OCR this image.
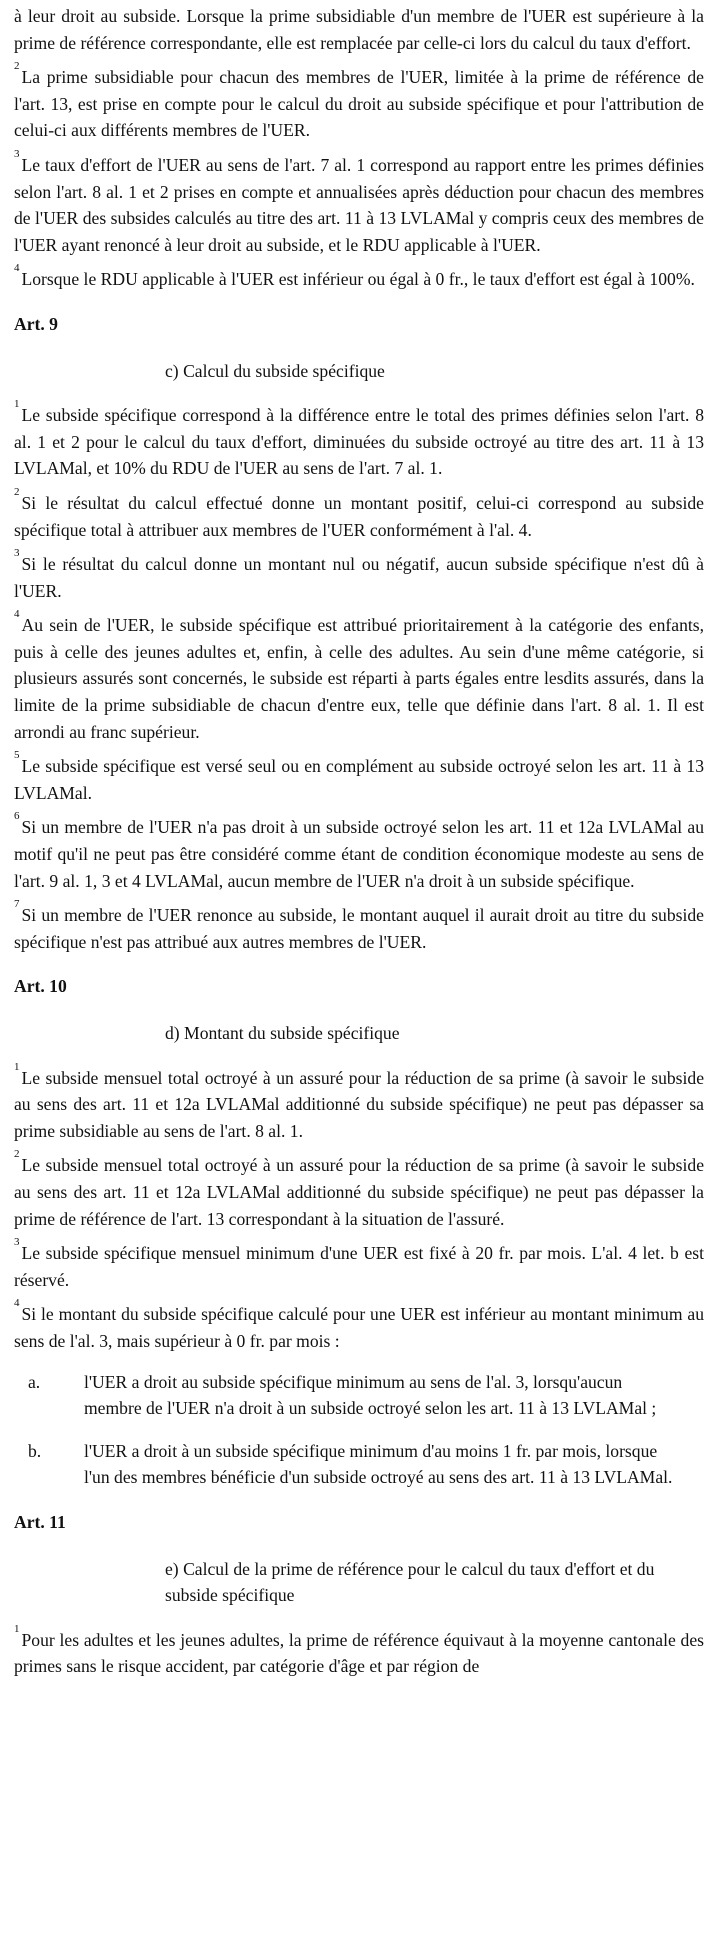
à leur droit au subside. Lorsque la prime subsidiable d'un membre de l'UER est supérieure à la prime de référence correspondante, elle est remplacée par celle-ci lors du calcul du taux d'effort.

$^2$La prime subsidiable pour chacun des membres de l'UER, limitée à la prime de référence de l'art. 13, est prise en compte pour le calcul du droit au subside spécifique et pour l'attribution de celui-ci aux différents membres de l'UER.

$^3$Le taux d'effort de l'UER au sens de l'art. 7 al. 1 correspond au rapport entre les primes définies selon l'art. 8 al. 1 et 2 prises en compte et annualisées après déduction pour chacun des membres de l'UER des subsides calculés au titre des art. 11 à 13 LVLAMal y compris ceux des membres de l'UER ayant renoncé à leur droit au subside, et le RDU applicable à l'UER.

$^4$Lorsque le RDU applicable à l'UER est inférieur ou égal à 0 fr., le taux d'effort est égal à 100%.

Art. 9

c) Calcul du subside spécifique

$^1$Le subside spécifique correspond à la différence entre le total des primes définies selon l'art. 8 al. 1 et 2 pour le calcul du taux d'effort, diminuées du subside octroyé au titre des art. 11 à 13 LVLAMal, et 10% du RDU de l'UER au sens de l'art. 7 al. 1.

$^2$Si le résultat du calcul effectué donne un montant positif, celui-ci correspond au subside spécifique total à attribuer aux membres de l'UER conformément à l'al. 4.

$^3$Si le résultat du calcul donne un montant nul ou négatif, aucun subside spécifique n'est dû à l'UER.

$^4$Au sein de l'UER, le subside spécifique est attribué prioritairement à la catégorie des enfants, puis à celle des jeunes adultes et, enfin, à celle des adultes. Au sein d'une même catégorie, si plusieurs assurés sont concernés, le subside est réparti à parts égales entre lesdits assurés, dans la limite de la prime subsidiable de chacun d'entre eux, telle que définie dans l'art. 8 al. 1. Il est arrondi au franc supérieur.

$^5$Le subside spécifique est versé seul ou en complément au subside octroyé selon les art. 11 à 13 LVLAMal.

$^6$Si un membre de l'UER n'a pas droit à un subside octroyé selon les art. 11 et 12a LVLAMal au motif qu'il ne peut pas être considéré comme étant de condition économique modeste au sens de l'art. 9 al. 1, 3 et 4 LVLAMal, aucun membre de l'UER n'a droit à un subside spécifique.

$^7$Si un membre de l'UER renonce au subside, le montant auquel il aurait droit au titre du subside spécifique n'est pas attribué aux autres membres de l'UER.

Art. 10

d) Montant du subside spécifique

$^1$Le subside mensuel total octroyé à un assuré pour la réduction de sa prime (à savoir le subside au sens des art. 11 et 12a LVLAMal additionné du subside spécifique) ne peut pas dépasser sa prime subsidiable au sens de l'art. 8 al. 1.

$^2$Le subside mensuel total octroyé à un assuré pour la réduction de sa prime (à savoir le subside au sens des art. 11 et 12a LVLAMal additionné du subside spécifique) ne peut pas dépasser la prime de référence de l'art. 13 correspondant à la situation de l'assuré.

$^3$Le subside spécifique mensuel minimum d'une UER est fixé à 20 fr. par mois. L'al. 4 let. b est réservé.

$^4$Si le montant du subside spécifique calculé pour une UER est inférieur au montant minimum au sens de l'al. 3, mais supérieur à 0 fr. par mois :

a.	l'UER a droit au subside spécifique minimum au sens de l'al. 3, lorsqu'aucun membre de l'UER n'a droit à un subside octroyé selon les art. 11 à 13 LVLAMal ;
b.	l'UER a droit à un subside spécifique minimum d'au moins 1 fr. par mois, lorsque l'un des membres bénéficie d'un subside octroyé au sens des art. 11 à 13 LVLAMal.

Art. 11

e) Calcul de la prime de référence pour le calcul du taux d'effort et du subside spécifique

$^1$Pour les adultes et les jeunes adultes, la prime de référence équivaut à la moyenne cantonale des primes sans le risque accident, par catégorie d'âge et par région de
